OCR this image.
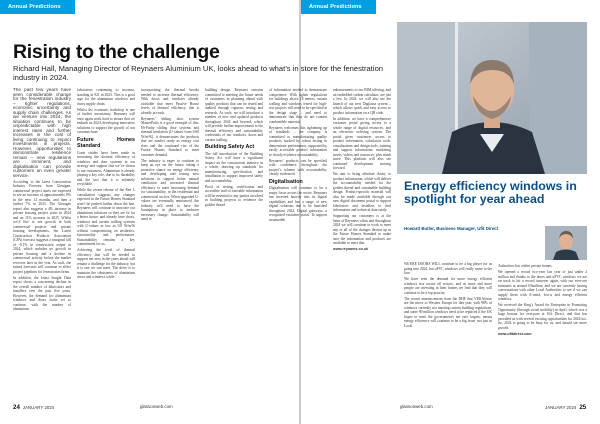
Annual Predictions	Annual Predictions
Rising to the challenge

Richard Hall, Managing Director of Reynaers Aluminium UK, looks ahead to what’s in store for the fenestration industry in 2024.

The past few years have seen considerable change for the fenestration industry – tighter regulations, economic uncertainty and supply chain challenges. As we venture into 2024, the situation continues to be unpredictable with high interest rates and further increases in the cost of living continuing to impact investments in projects. However, opportunities to demonstrate resilience remain – new regulations are imminent, and digitalisation can provide customers an even greater service.

According to the latest Construction Industry Forecast from Glenigan, commercial project starts are expected to see an increase of approximately 8% in the next 12 months, and then a further 7% in 2025. The Glenigan report also suggests a 4% increase in private housing project starts in 2024 and an 11% increase in 2025. Whilst we’d like to see growth in both commercial projects and private housing developments, the Latest Construction Products Association (CPA) forecast suggests a marginal fall of -0.1% in construction output in 2024, which includes no growth in private housing and a decline in commercial activity before the market recovers later in the year. As such, the mixed forecasts will continue to affect project pipelines for fenestration firms.

In addition, the latest Insight Data report shows a concerning decline in the overall number of fabricators and installers over the past five years. However, the demand for aluminium windows and doors looks set to continue, with the number of aluminium

fabricators continuing to increase, standing at 921 in 2023. This is a good sign for the aluminium windows and doors supply chain.

Whilst the economic backdrop is one of further uncertainty, Reynaers will once again work hard to ensure that we embark on 2024, developing innovative solutions to support the growth of our customer base.

Future Homes Standard

Great strides have been made in increasing the thermal efficiency of windows and door systems in our strategy and support that we’ve shown to our customers. Aluminium is already playing a key role, due to its durability and the fact that it is infinitely recyclable.

While the recent release of the Part L consultation suggests any changes expected in the Future Homes Standard won’t be pushed further down the line, Reynaers will continue to innovate our aluminium solutions so they are fit for a better future, and already have doors, windows and curtain walling systems with U-values as low as 0.8 W/m²K without compromising on aesthetics, functionality and performance. Sustainability remains a key commitment for us.

Achieving the level of thermal efficiency that will be needed to support net zero in the years ahead will remain a challenge for the industry, but it is one we can meet. The drive is to maintain the robustness of aluminium doors and windows while

incorporating the thermal breaks needed to increase thermal efficiency. With doors and windows already available that meet Passive House levels of thermal efficiency, this is already in reach.

Reynaers’ sliding door system MasterPatio is a good example of this. Hi-Finity sliding door systems and thermal insulation (U-values from 0.68 W/m²K), it demonstrates the products that are market ready as energy cost rises and the continued rise of the Future Homes Standard to meet customer demand.

The industry is eager to continue to keep an eye on the future, taking a proactive stance on energy efficiency and developing and testing new solutions to support better natural ventilation and increased thermal efficiency to meet increasing demand for sustainability, in the residential and commercial sectors. When upgraded U-values are eventually announced, the industry will need to have the foundations in place to embrace necessary change. Sustainability will need to

of information needed to demonstrate competence. With tighter regulations for buildings above 18 metres, curtain walling and windows tested for high-rise projects will need to be specified at the design stage – and need to demonstrate that they do not contain combustible material.

Reynaers welcomes this tightening up of standards – the company is committed to manufacturing quality products, backed by robust testing to demonstrate performance, supported by easily accessible product information to clearly evidence accountability.

Reynaers’ products can be specified with confidence throughout the project’s scheme with accountability clearly evidenced.

Digitalisation

Digitalisation will continue to be a major focus across the sector. Reynaers has invested heavily into its digital capabilities and has a range of new digital solutions due to be launched throughout 2024. Digital gateways, a recognised customer portal. To support sustainable

Energy efficiency windows in spotlight for year ahead
Howard Butler, Business Manager, Ufit Direct

Wh'ERE DOORS WILL continue to be a big player for us going into 2024, but uPVC windows will really come to the fore.

We have seen the demand for more energy efficient windows rise across all sectors, and as more and more people are investing in their homes we find that they will continue to be a top priority.

The recent announcement from the DHF that VEKAfence are the move to Western Europe for this year, with 98% of windows currently not meeting current building regulations, and some 90 million windows need to be replaced if the UK hopes to meet the government's net zero targets, means energy efficiency will continue to be a big issue, not just in Local

Authorities but within private homes.

We opened a record two-year last year of just under 2 million and thanks to the doors and uPVC windows we are on track to hit a record turnover again, with our ever-ore estimates at around £9million, and we are currently having conversations with other Local Authorities to see if we can supply them with A-rated, low-u and energy efficient windows.

We received the King's Award for Enterprise in Promoting Opportunity (through social mobility) in April, which was a huge honour for everyone at Ufit Direct, and that has provided us with several exciting opportunities for 2024 too. So, 2024 is going to be busy for us, and should see more growth.

www.ufitdirect.com

24 JANUARY 2024	glassonweb.com	glassonweb.com	JANUARY 2024 25

building design. Reynaers remains committed to meeting the future needs of customers in planning ahead with quality products that can be tested and audited through rigorous testing and research. As such, we will introduce a number of new and updated products throughout 2024 and beyond, which will provide further improvement to the thermal efficiency and sustainability credentials of our windows, doors and curtain walling.

Building Safety Act

The full introduction of the Building Safety Act will have a significant impact on the construction industry as a whole, drawing up standards for manufacturing, specification and installation to support improved safety and accountability.

Proof of testing, certification and accessible trail of traceable information will be essential to any parties involved in building projects to evidence the golden thread

enhancements to our BIM offering, and an embedded carbon calculator, are just a few. In 2024, we will also see the launch of our new Digitaisa system – which allows quick and easy access to product information on a QR code.

In addition, we have a comprehensive customer portal giving access to a whole range of digital resources, and an electronic ordering system. The portal gives customers access to product information, calculators tools, visualisations and design tools, training and support information, marketing assets, videos and resources, plus much more. This platform will also see continued development moving forward.

We aim to bring absolute clarity to product information, which will deliver the accountability needed for the golden thread and sustainable building design. Product-specific material will also be made available through our new digital document portal to support fabricators and installers to find information and technical data easily.

Supporting our customers is at the heart of Reynaers' ethos and throughout 2024 we will continue to work to meet any or all of the changes thrown up in the Future Homes Standard to make sure the information and products are available to meet that.

www.reynaers.co.uk
